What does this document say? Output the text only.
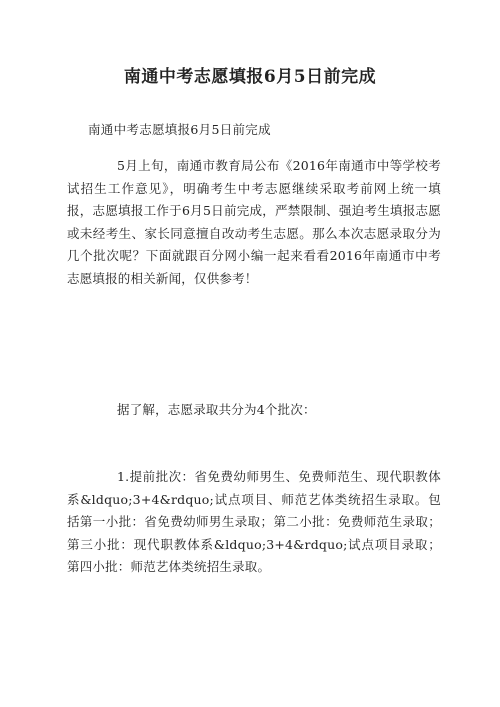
南通中考志愿填报6月5日前完成

南通中考志愿填报6月5日前完成

5月上旬，南通市教育局公布《2016年南通市中等学校考试招生工作意见》，明确考生中考志愿继续采取考前网上统一填报，志愿填报工作于6月5日前完成，严禁限制、强迫考生填报志愿或未经考生、家长同意擅自改动考生志愿。那么本次志愿录取分为几个批次呢？下面就跟百分网小编一起来看看2016年南通市中考志愿填报的相关新闻，仅供参考！

据了解，志愿录取共分为4个批次：

1.提前批次：省免费幼师男生、免费师范生、现代职教体系&ldquo;3+4&rdquo;试点项目、师范艺体类统招生录取。包括第一小批：省免费幼师男生录取；第二小批：免费师范生录取；第三小批：现代职教体系&ldquo;3+4&rdquo;试点项目录取；第四小批：师范艺体类统招生录取。
